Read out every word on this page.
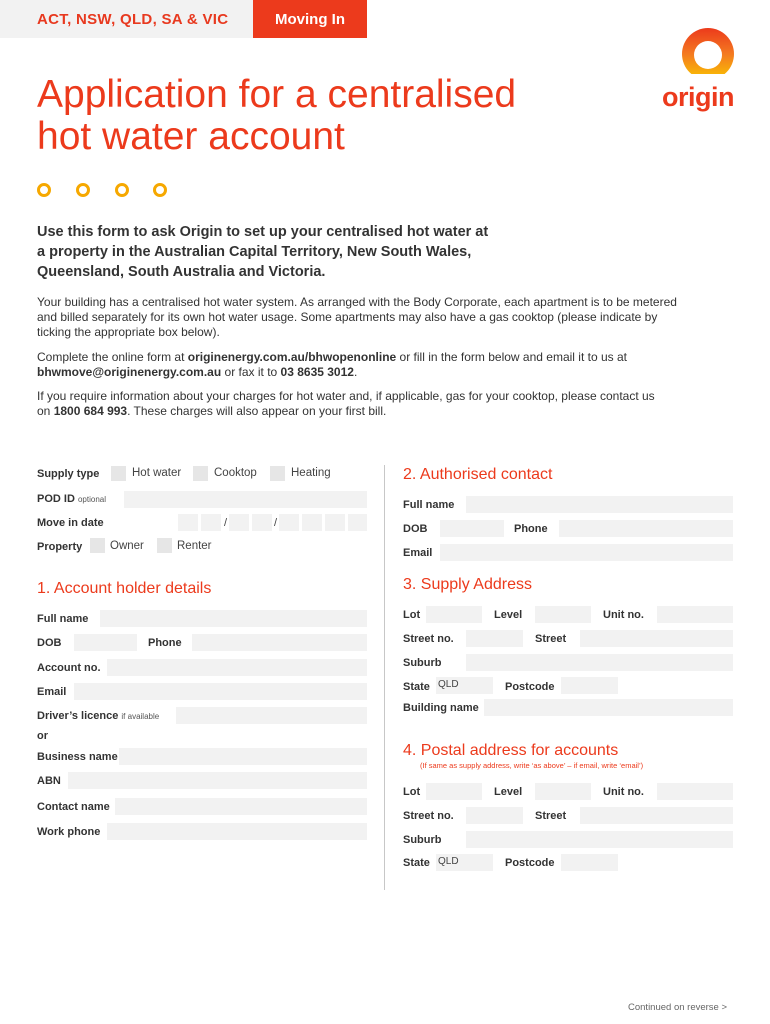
ACT, NSW, QLD, SA & VIC	Moving In
origin
Application for a centralised
hot water account
Use this form to ask Origin to set up your centralised hot water at
a property in the Australian Capital Territory, New South Wales,
Queensland, South Australia and Victoria.
Your building has a centralised hot water system. As arranged with the Body Corporate, each apartment is to be metered
and billed separately for its own hot water usage. Some apartments may also have a gas cooktop (please indicate by
ticking the appropriate box below).
Complete the online form at originenergy.com.au/bhwopenonline or fill in the form below and email it to us at
bhwmove@originenergy.com.au or fax it to 03 8635 3012.
If you require information about your charges for hot water and, if applicable, gas for your cooktop, please contact us
on 1800 684 993. These charges will also appear on your first bill.
Supply type	Hot water	Cooktop	Heating
POD ID optional
Move in date	/	/
Property Owner	Renter
1. Account holder details
Full name
DOB	Phone
Account no.
Email
Driver’s licence if available
or
Business name
ABN
Contact name
Work phone
2. Authorised contact
Full name
DOB	Phone
Email
3. Supply Address
Lot	Level	Unit no.
Street no.	Street
Suburb
State QLD	Postcode
Building name
4. Postal address for accounts
(If same as supply address, write ‘as above’ – if email, write ‘email’)
Lot	Level	Unit no.
Street no.	Street
Suburb
State QLD	Postcode
Continued on reverse >
